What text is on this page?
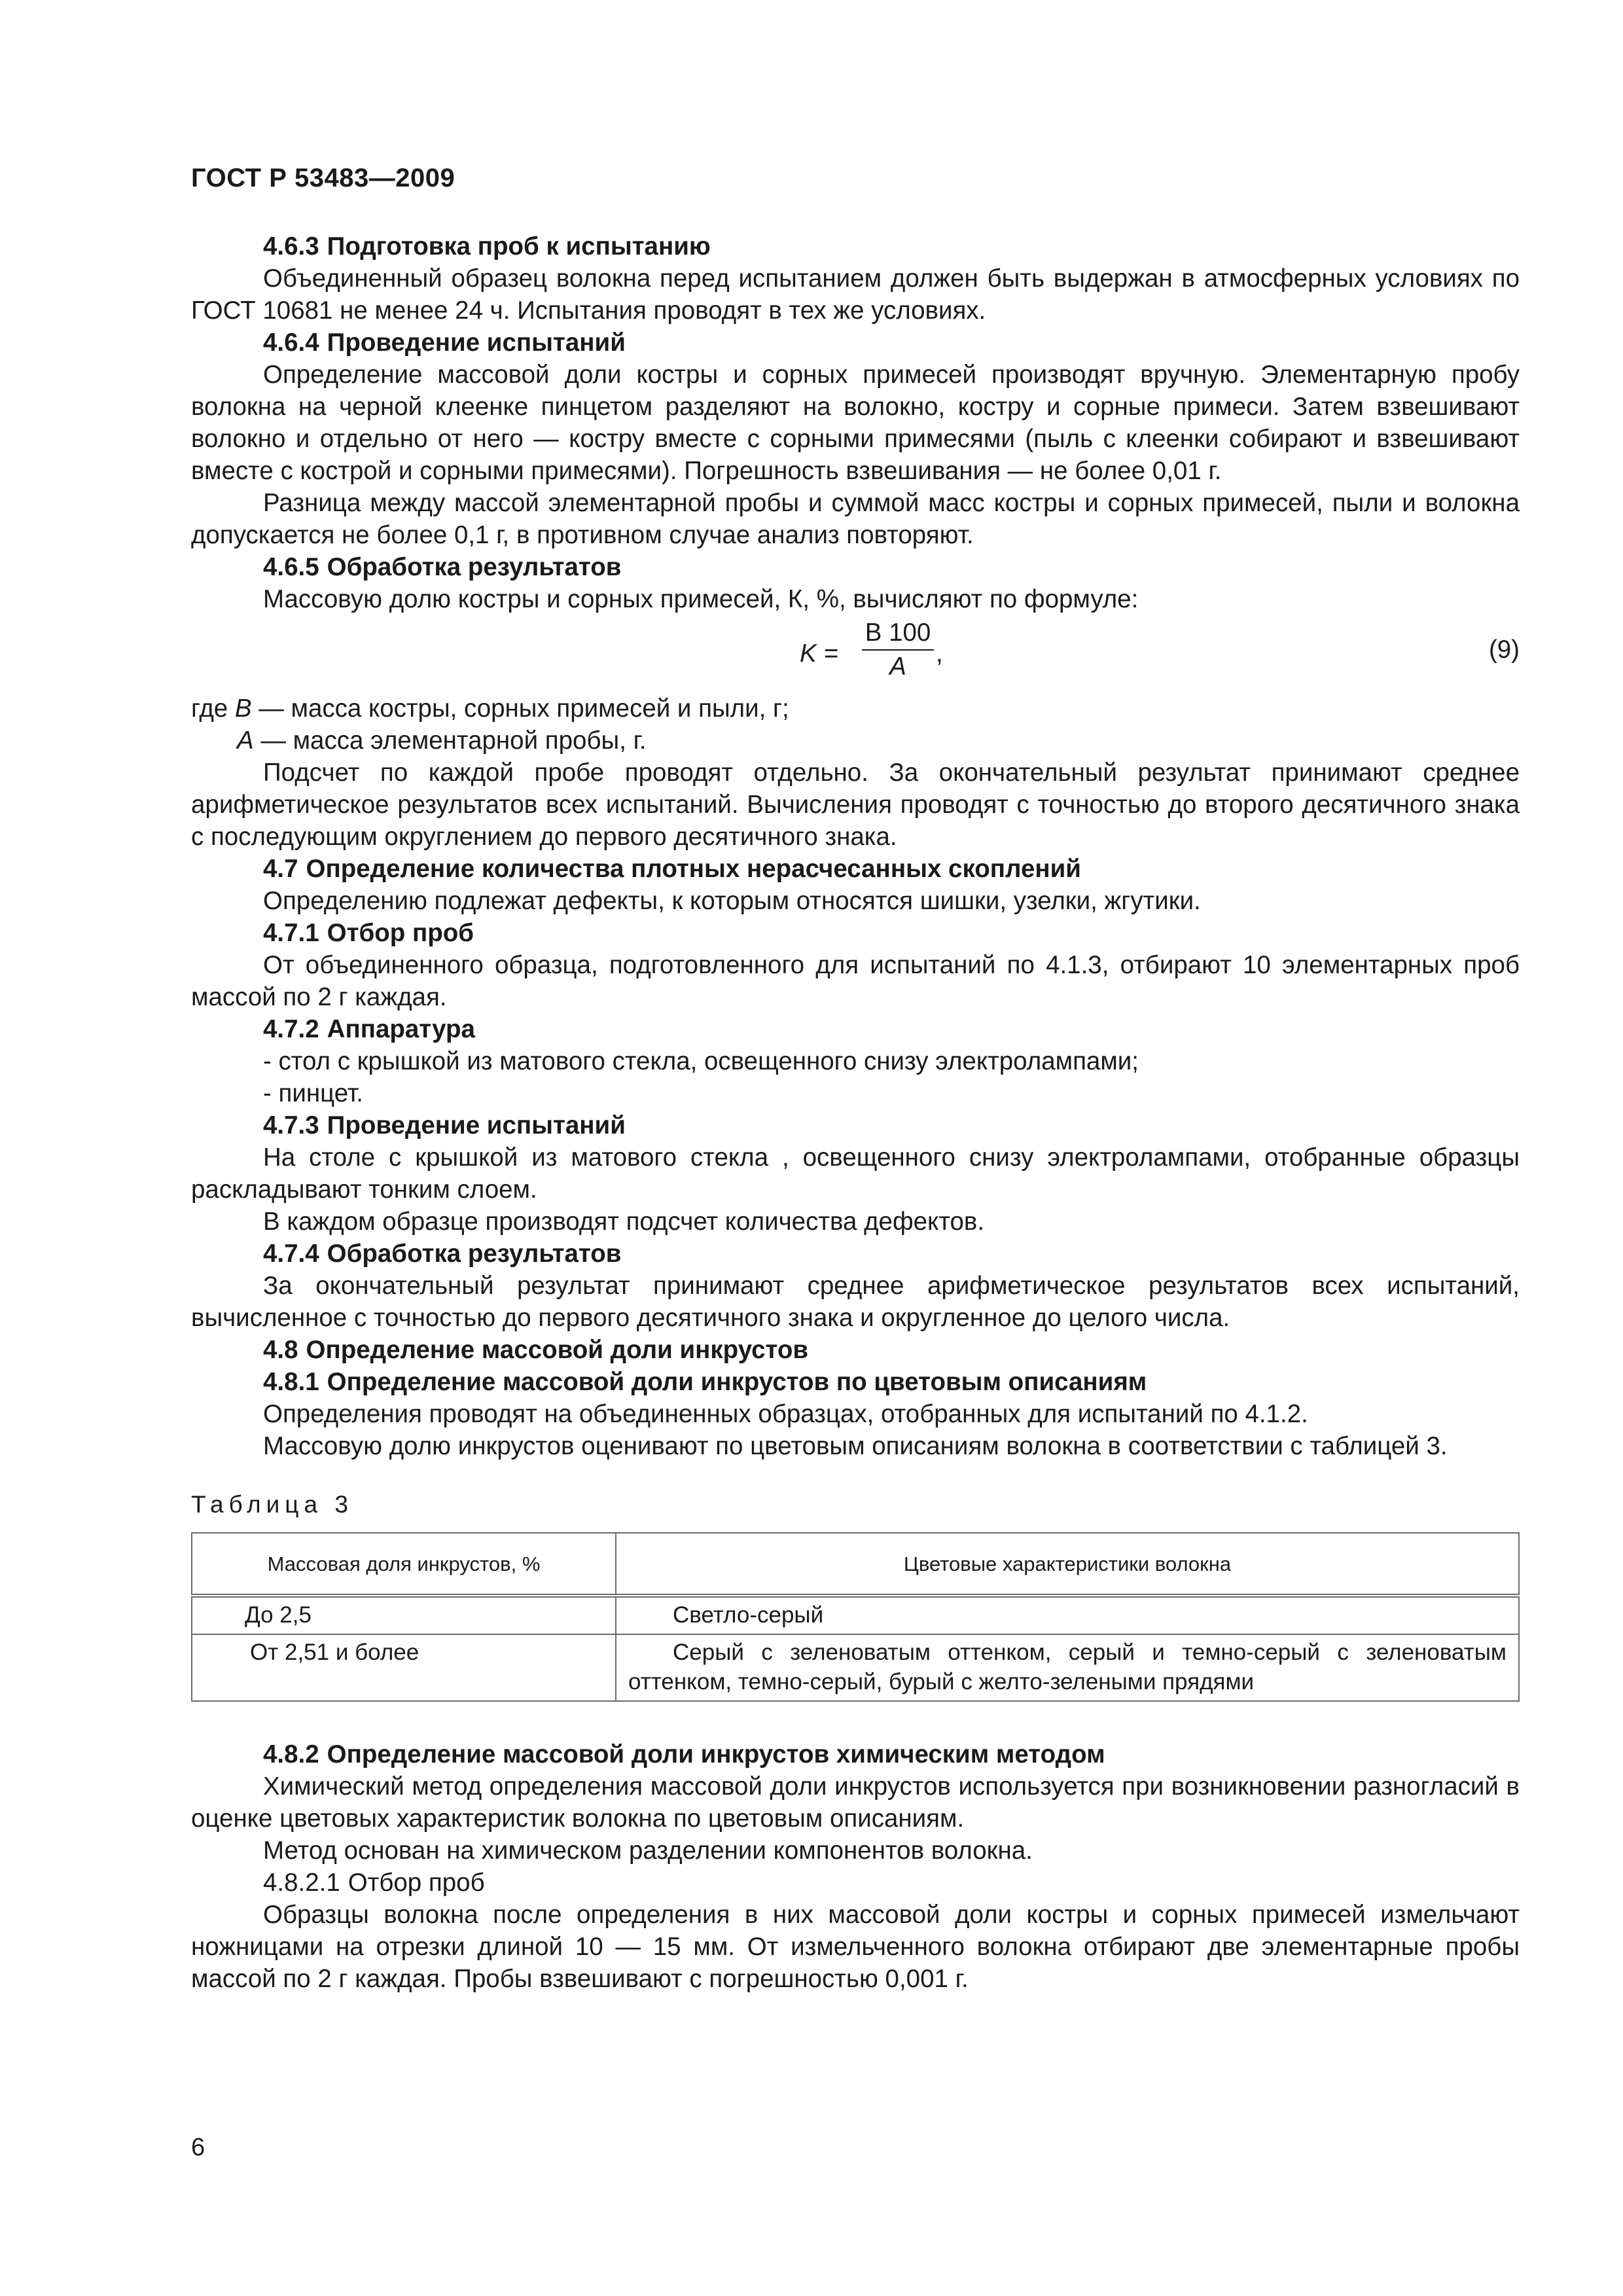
ГОСТ Р 53483—2009
4.6.3 Подготовка проб к испытанию

Объединенный образец волокна перед испытанием должен быть выдержан в атмосферных условиях по ГОСТ 10681 не менее 24 ч. Испытания проводят в тех же условиях.

4.6.4 Проведение испытаний

Определение массовой доли костры и сорных примесей производят вручную. Элементарную пробу волокна на черной клеенке пинцетом разделяют на волокно, костру и сорные примеси. Затем взвешивают волокно и отдельно от него — костру вместе с сорными примесями (пыль с клеенки собирают и взвешивают вместе с кострой и сорными примесями). Погрешность взвешивания — не более 0,01 г.

Разница между массой элементарной пробы и суммой масс костры и сорных примесей, пыли и волокна допускается не более 0,1 г, в противном случае анализ повторяют.

4.6.5 Обработка результатов

Массовую долю костры и сорных примесей, К, %, вычисляют по формуле:

K =
B 100
A	,	(9)

где B — масса костры, сорных примесей и пыли, г;

A — масса элементарной пробы, г.

Подсчет по каждой пробе проводят отдельно. За окончательный результат принимают среднее арифметическое результатов всех испытаний. Вычисления проводят с точностью до второго десятичного знака с последующим округлением до первого десятичного знака.

4.7 Определение количества плотных нерасчесанных скоплений

Определению подлежат дефекты, к которым относятся шишки, узелки, жгутики.

4.7.1 Отбор проб

От объединенного образца, подготовленного для испытаний по 4.1.3, отбирают 10 элементарных проб массой по 2 г каждая.

4.7.2 Аппаратура

- стол с крышкой из матового стекла, освещенного снизу электролампами;

- пинцет.

4.7.3 Проведение испытаний

На столе с крышкой из матового стекла , освещенного снизу электролампами, отобранные образцы раскладывают тонким слоем.

В каждом образце производят подсчет количества дефектов.

4.7.4 Обработка результатов

За окончательный результат принимают среднее арифметическое результатов всех испытаний, вычисленное с точностью до первого десятичного знака и округленное до целого числа.

4.8 Определение массовой доли инкрустов
4.8.1 Определение массовой доли инкрустов по цветовым описаниям

Определения проводят на объединенных образцах, отобранных для испытаний по 4.1.2.

Массовую долю инкрустов оценивают по цветовым описаниям волокна в соответствии с таблицей 3.

Таблица 3
Массовая доля инкрустов, %	Цветовые характеристики волокна
До 2,5	Светло-серый
От 2,51 и более	Серый с зеленоватым оттенком, серый и темно-серый с зеленоватым оттенком, темно-серый, бурый с желто-зелеными прядями
4.8.2 Определение массовой доли инкрустов химическим методом

Химический метод определения массовой доли инкрустов используется при возникновении разногласий в оценке цветовых характеристик волокна по цветовым описаниям.

Метод основан на химическом разделении компонентов волокна.

4.8.2.1 Отбор проб

Образцы волокна после определения в них массовой доли костры и сорных примесей измельчают ножницами на отрезки длиной 10 — 15 мм. От измельченного волокна отбирают две элементарные пробы массой по 2 г каждая. Пробы взвешивают с погрешностью 0,001 г.

6
